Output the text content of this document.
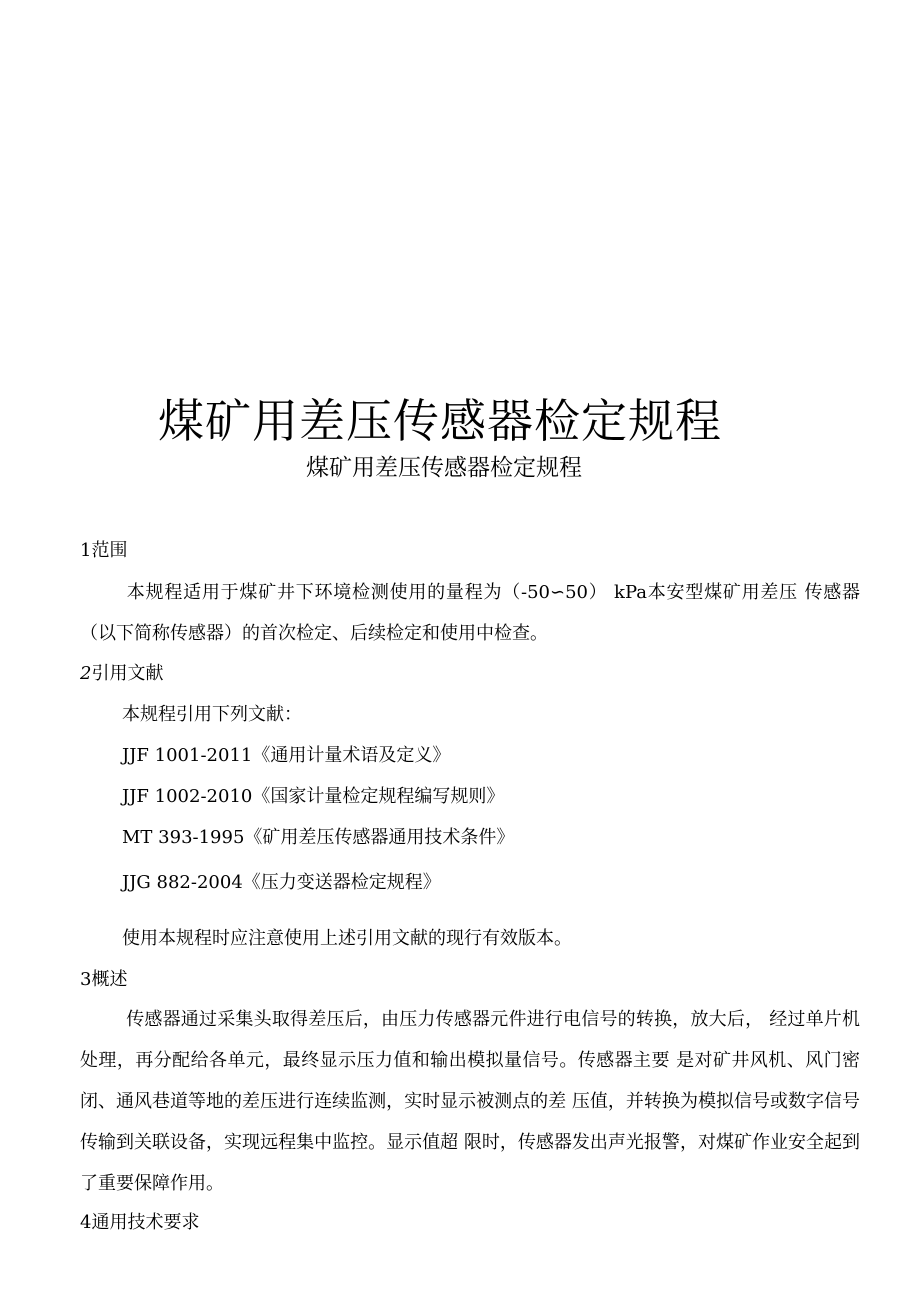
煤矿用差压传感器检定规程
煤矿用差压传感器检定规程
1范围
本规程适用于煤矿井下环境检测使用的量程为（-50∽50） kPa本安型煤矿用差压 传感器（以下简称传感器）的首次检定、后续检定和使用中检查。
2引用文献
本规程引用下列文献：
JJF 1001-2011《通用计量术语及定义》
JJF 1002-2010《国家计量检定规程编写规则》
MT 393-1995《矿用差压传感器通用技术条件》
JJG 882-2004《压力变送器检定规程》
使用本规程时应注意使用上述引用文献的现行有效版本。
3概述
传感器通过采集头取得差压后，由压力传感器元件进行电信号的转换，放大后， 经过单片机处理，再分配给各单元，最终显示压力值和输出模拟量信号。传感器主要 是对矿井风机、风门密闭、通风巷道等地的差压进行连续监测，实时显示被测点的差 压值，并转换为模拟信号或数字信号传输到关联设备，实现远程集中监控。显示值超 限时，传感器发出声光报警，对煤矿作业安全起到了重要保障作用。
4通用技术要求
